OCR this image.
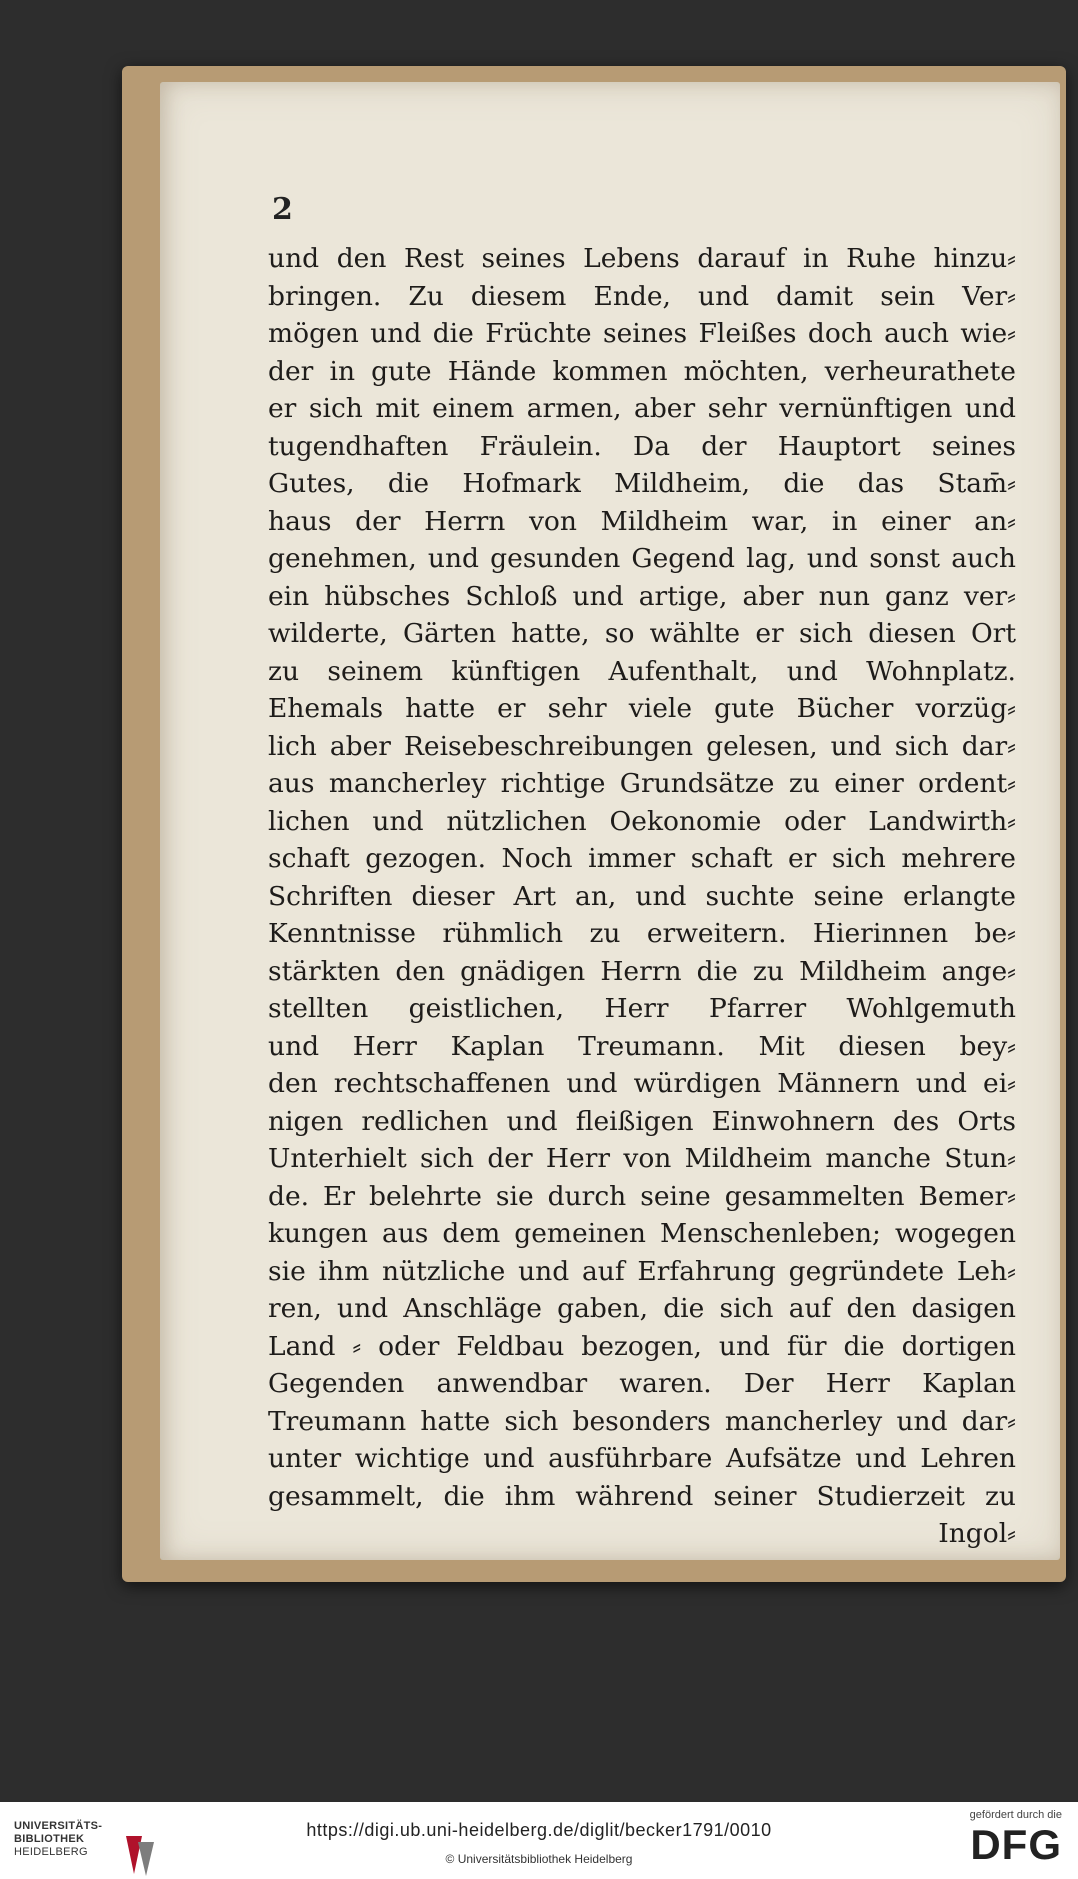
2
und den Rest seines Lebens darauf in Ruhe hinzu⸗
bringen. Zu diesem Ende, und damit sein Ver⸗
mögen und die Früchte seines Fleißes doch auch wie⸗
der in gute Hände kommen möchten, verheurathete
er sich mit einem armen, aber sehr vernünftigen und
tugendhaften Fräulein. Da der Hauptort seines
Gutes, die Hofmark Mildheim, die das Stam̄⸗
haus der Herrn von Mildheim war, in einer an⸗
genehmen, und gesunden Gegend lag, und sonst auch
ein hübsches Schloß und artige, aber nun ganz ver⸗
wilderte, Gärten hatte, so wählte er sich diesen Ort
zu seinem künftigen Aufenthalt, und Wohnplatz.
Ehemals hatte er sehr viele gute Bücher vorzüg⸗
lich aber Reisebeschreibungen gelesen, und sich dar⸗
aus mancherley richtige Grundsätze zu einer ordent⸗
lichen und nützlichen Oekonomie oder Landwirth⸗
schaft gezogen. Noch immer schaft er sich mehrere
Schriften dieser Art an, und suchte seine erlangte
Kenntnisse rühmlich zu erweitern. Hierinnen be⸗
stärkten den gnädigen Herrn die zu Mildheim ange⸗
stellten geistlichen, Herr Pfarrer Wohlgemuth
und Herr Kaplan Treumann. Mit diesen bey⸗
den rechtschaffenen und würdigen Männern und ei⸗
nigen redlichen und fleißigen Einwohnern des Orts
Unterhielt sich der Herr von Mildheim manche Stun⸗
de. Er belehrte sie durch seine gesammelten Bemer⸗
kungen aus dem gemeinen Menschenleben; wogegen
sie ihm nützliche und auf Erfahrung gegründete Leh⸗
ren, und Anschläge gaben, die sich auf den dasigen
Land ⸗ oder Feldbau bezogen, und für die dortigen
Gegenden anwendbar waren. Der Herr Kaplan
Treumann hatte sich besonders mancherley und dar⸗
unter wichtige und ausführbare Aufsätze und Lehren
gesammelt, die ihm während seiner Studierzeit zu
Ingol⸗
UNIVERSITÄTS-
BIBLIOTHEK
HEIDELBERG
https://digi.ub.uni-heidelberg.de/diglit/becker1791/0010
© Universitätsbibliothek Heidelberg
gefördert durch die
DFG
